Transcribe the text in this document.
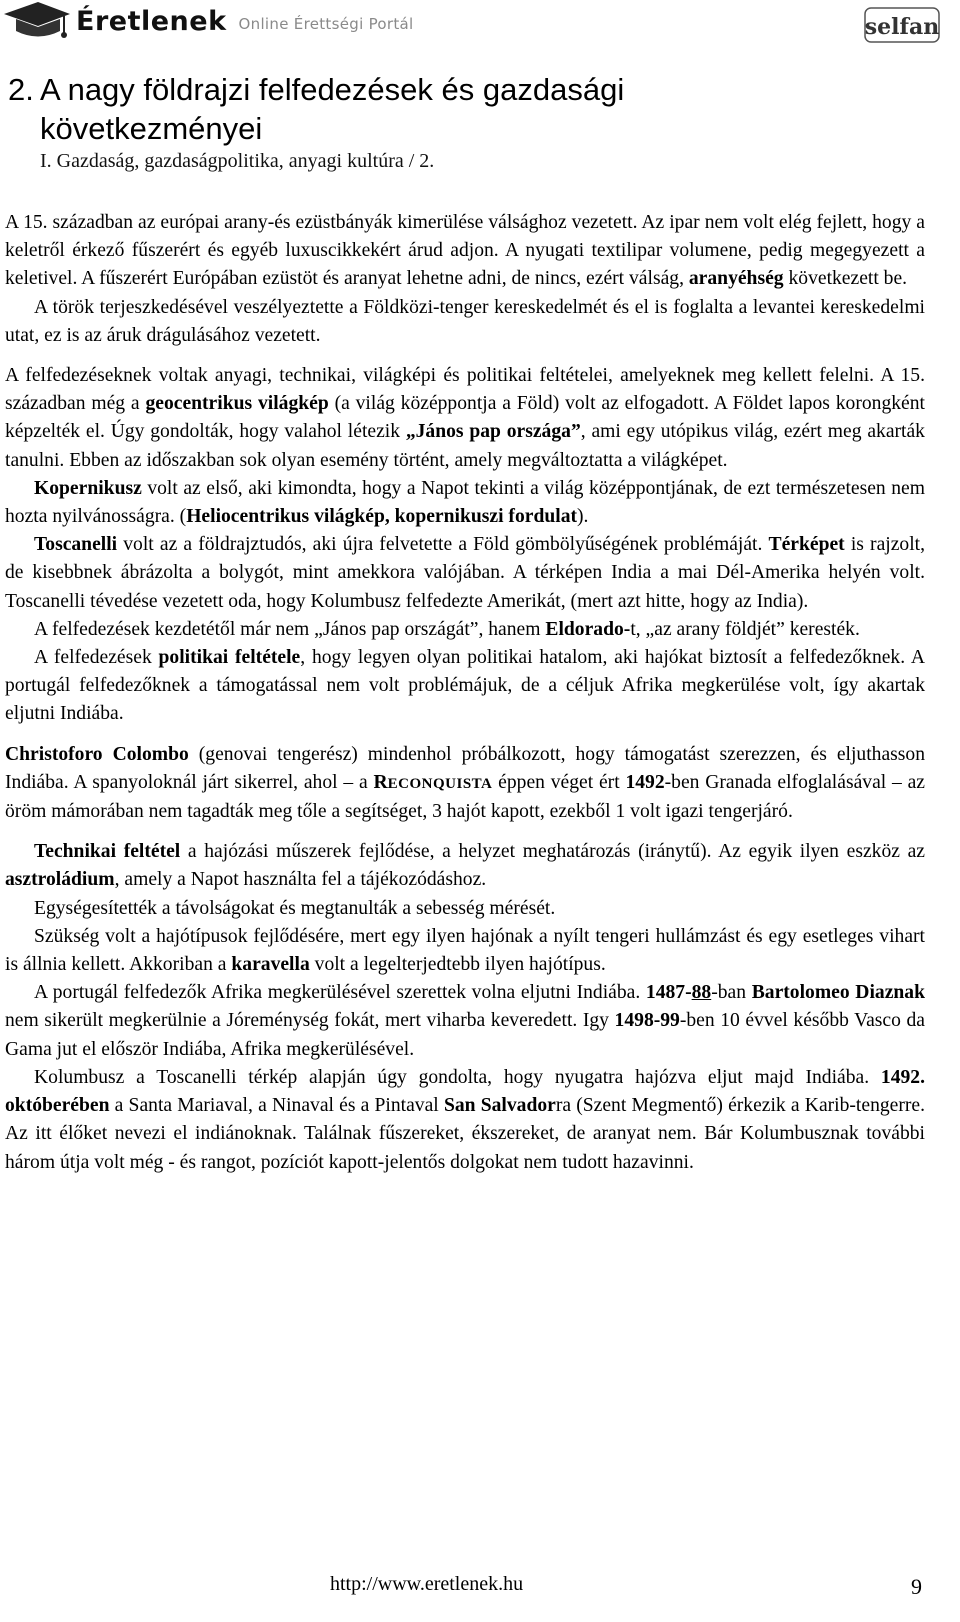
Éretlenek Online Érettségi Portál	selfan
2. A nagy földrajzi felfedezések és gazdasági
következményei
I. Gazdaság, gazdaságpolitika, anyagi kultúra / 2.

A 15. században az európai arany-és ezüstbányák kimerülése válsághoz vezetett. Az ipar nem volt elég fejlett, hogy a keletről érkező fűszerért és egyéb luxuscikkekért árud adjon. A nyugati textilipar volumene, pedig megegyezett a keletivel. A fűszerért Európában ezüstöt és aranyat lehetne adni, de nincs, ezért válság, aranyéhség következett be.

A török terjeszkedésével veszélyeztette a Földközi-tenger kereskedelmét és el is foglalta a levantei kereskedelmi utat, ez is az áruk drágulásához vezetett.

A felfedezéseknek voltak anyagi, technikai, világképi és politikai feltételei, amelyeknek meg kellett felelni. A 15. században még a geocentrikus világkép (a világ középpontja a Föld) volt az elfogadott. A Földet lapos korongként képzelték el. Úgy gondolták, hogy valahol létezik „János pap országa”, ami egy utópikus világ, ezért meg akarták tanulni. Ebben az időszakban sok olyan esemény történt, amely megváltoztatta a világképet.

Kopernikusz volt az első, aki kimondta, hogy a Napot tekinti a világ középpontjának, de ezt természetesen nem hozta nyilvánosságra. (Heliocentrikus világkép, kopernikuszi fordulat).

Toscanelli volt az a földrajztudós, aki újra felvetette a Föld gömbölyűségének problémáját. Térképet is rajzolt, de kisebbnek ábrázolta a bolygót, mint amekkora valójában. A térképen India a mai Dél-Amerika helyén volt. Toscanelli tévedése vezetett oda, hogy Kolumbusz felfedezte Amerikát, (mert azt hitte, hogy az India).

A felfedezések kezdetétől már nem „János pap országát”, hanem Eldorado-t, „az arany földjét” keresték.

A felfedezések politikai feltétele, hogy legyen olyan politikai hatalom, aki hajókat biztosít a felfedezőknek. A portugál felfedezőknek a támogatással nem volt problémájuk, de a céljuk Afrika megkerülése volt, így akartak eljutni Indiába.

Christoforo Colombo (genovai tengerész) mindenhol próbálkozott, hogy támogatást szerezzen, és eljuthasson Indiába. A spanyoloknál járt sikerrel, ahol – a RECONQUISTA éppen véget ért 1492-ben Granada elfoglalásával – az öröm mámorában nem tagadták meg tőle a segítséget, 3 hajót kapott, ezekből 1 volt igazi tengerjáró.

Technikai feltétel a hajózási műszerek fejlődése, a helyzet meghatározás (iránytű). Az egyik ilyen eszköz az asztroládium, amely a Napot használta fel a tájékozódáshoz.

Egységesítették a távolságokat és megtanulták a sebesség mérését.

Szükség volt a hajótípusok fejlődésére, mert egy ilyen hajónak a nyílt tengeri hullámzást és egy esetleges vihart is állnia kellett. Akkoriban a karavella volt a legelterjedtebb ilyen hajótípus.

A portugál felfedezők Afrika megkerülésével szerettek volna eljutni Indiába. 1487-88-ban Bartolomeo Diaznak nem sikerült megkerülnie a Jóreménység fokát, mert viharba keveredett. Igy 1498-99-ben 10 évvel később Vasco da Gama jut el először Indiába, Afrika megkerülésével.

Kolumbusz a Toscanelli térkép alapján úgy gondolta, hogy nyugatra hajózva eljut majd Indiába. 1492. októberében a Santa Mariaval, a Ninaval és a Pintaval San Salvadorra (Szent Megmentő) érkezik a Karib-tengerre. Az itt élőket nevezi el indiánoknak. Találnak fűszereket, ékszereket, de aranyat nem. Bár Kolumbusznak további három útja volt még - és rangot, pozíciót kapott-jelentős dolgokat nem tudott hazavinni.

http://www.eretlenek.hu	9
